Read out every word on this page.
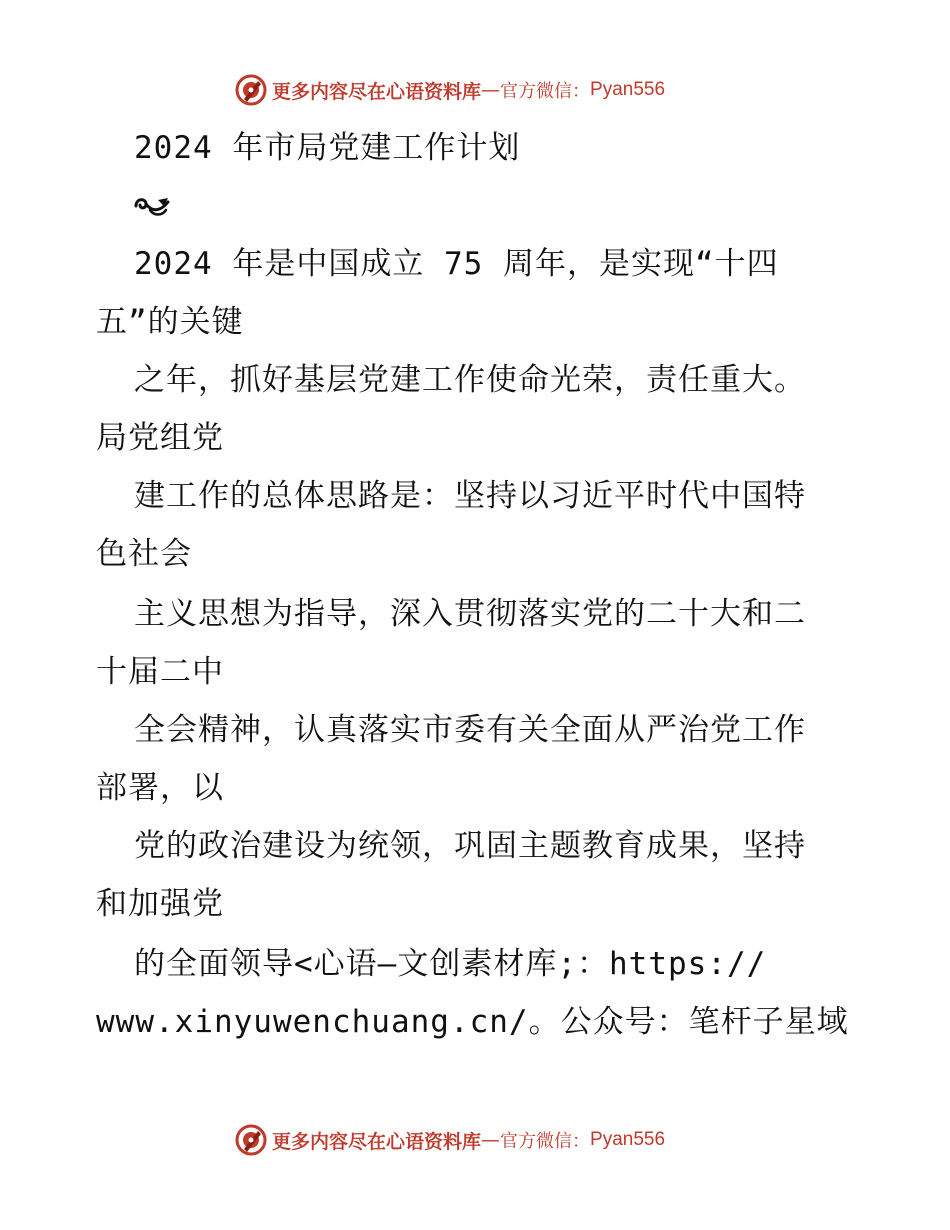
更多内容尽在心语资料库 — 官方微信： Pyan556

2024 年市局党建工作计划

2024 年是中国成立 75 周年，是实现“十四

五”的关键

之年，抓好基层党建工作使命光荣，责任重大。

局党组党

建工作的总体思路是：坚持以习近平时代中国特

色社会

主义思想为指导，深入贯彻落实党的二十大和二

十届二中

全会精神，认真落实市委有关全面从严治党工作

部署，以

党的政治建设为统领，巩固主题教育成果，坚持

和加强党

的全面领导<心语—文创素材库;：https://

www.xinyuwenchuang.cn/。公众号：笔杆子星域

更多内容尽在心语资料库 — 官方微信： Pyan556
